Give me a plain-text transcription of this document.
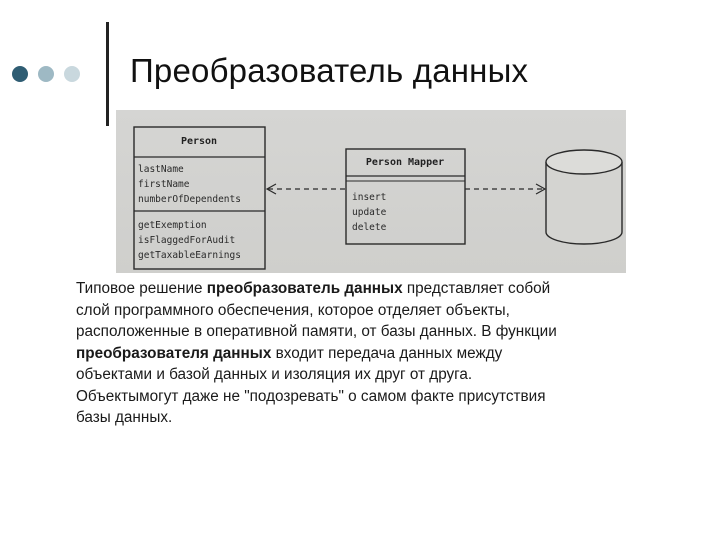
Преобразователь данных
Person
lastName
firstName
numberOfDependents
getExemption
isFlaggedForAudit
getTaxableEarnings
Person Mapper
insert
update
delete
Типовое решение преобразователь данных представляет собой
слой программного обеспечения, которое отделяет объекты,
расположенные в оперативной памяти, от базы данных. В функции
преобразователя данных входит передача данных между
объектами и базой данных и изоляция их друг от друга.
Объектымогут даже не "подозревать" о самом факте присутствия
базы данных.
